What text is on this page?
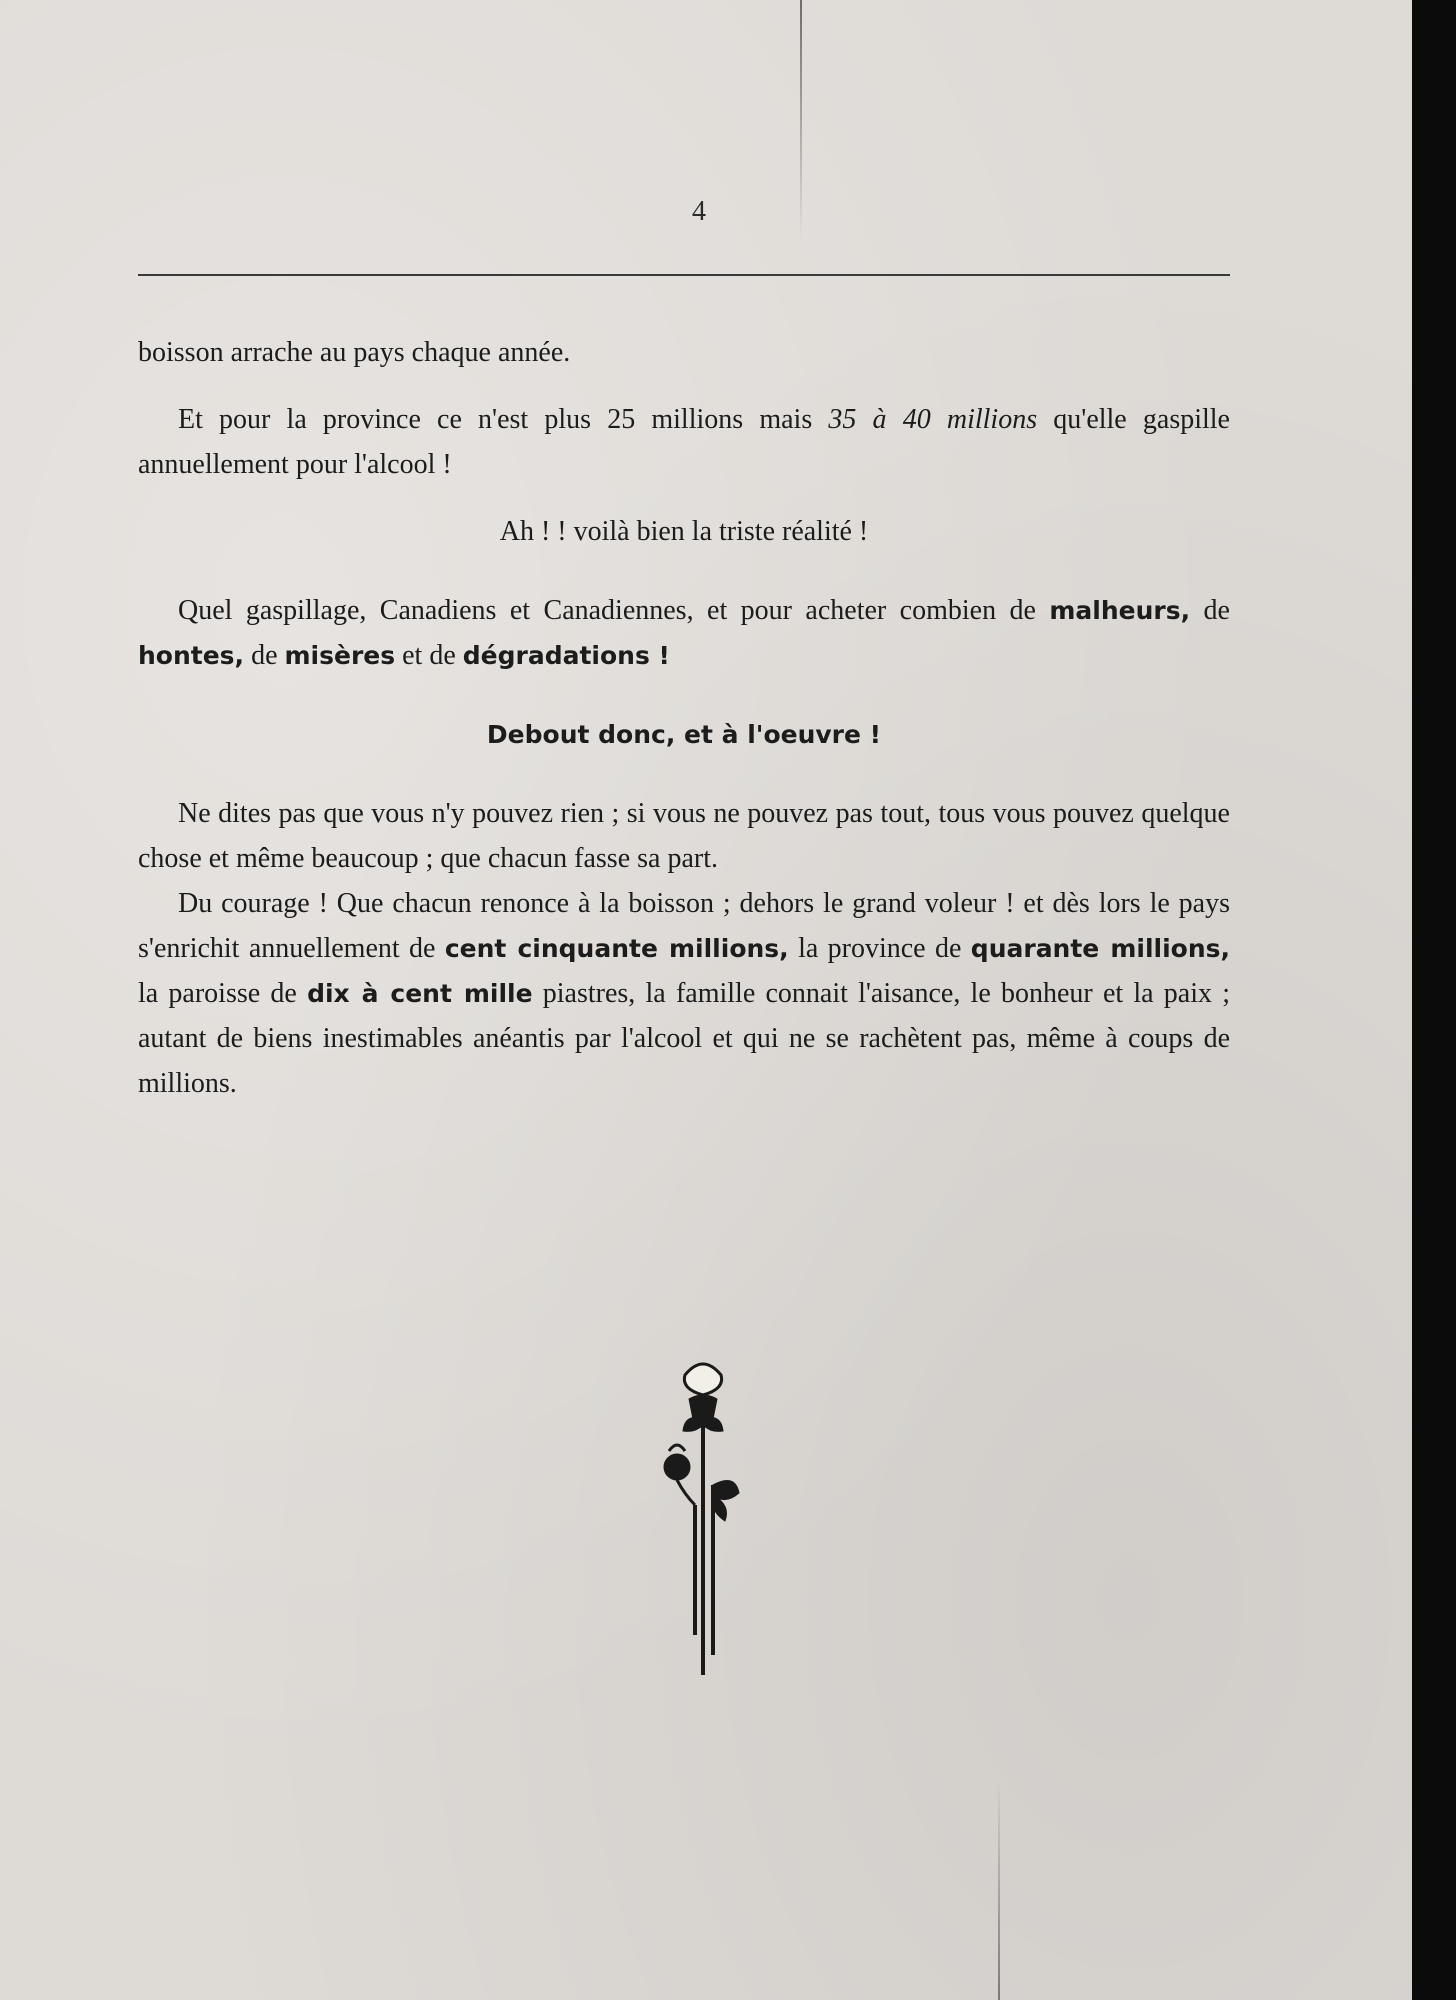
4

boisson arrache au pays chaque année.

Et pour la province ce n'est plus 25 millions mais 35 à 40 millions qu'elle gaspille annuellement pour l'alcool !

Ah ! ! voilà bien la triste réalité !

Quel gaspillage, Canadiens et Canadiennes, et pour acheter combien de malheurs, de hontes, de misères et de dégradations !

Debout donc, et à l'oeuvre !

Ne dites pas que vous n'y pouvez rien ; si vous ne pouvez pas tout, tous vous pouvez quelque chose et même beaucoup ; que chacun fasse sa part.

Du courage ! Que chacun renonce à la boisson ; dehors le grand voleur ! et dès lors le pays s'enrichit annuellement de cent cinquante millions, la province de quarante millions, la paroisse de dix à cent mille piastres, la famille connait l'aisance, le bonheur et la paix ; autant de biens inestimables anéantis par l'alcool et qui ne se rachètent pas, même à coups de millions.
